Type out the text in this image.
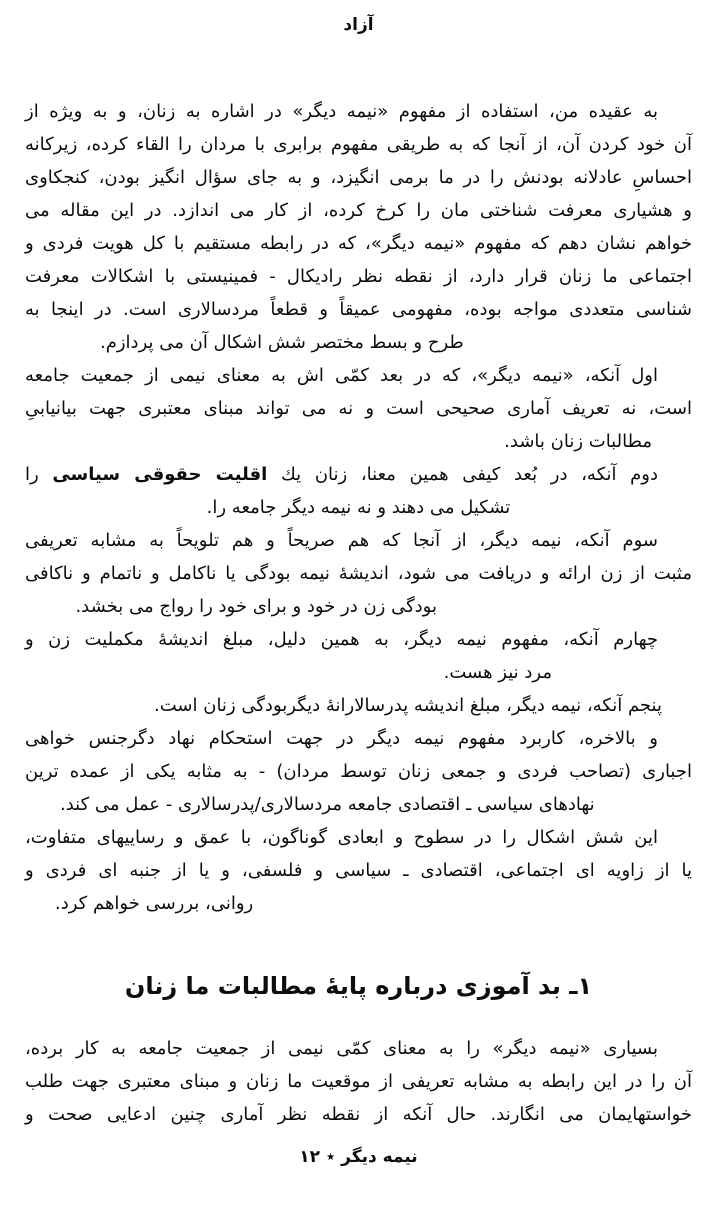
آزاد
به عقیده من، استفاده از مفهوم «نیمه دیگر» در اشاره به زنان، و به ویژه از
آن خود کردن آن، از آنجا که به طریقی مفهوم برابری با مردان را القاء کرده، زیرکانه
احساسِ عادلانه بودنش را در ما برمی انگیزد، و به جای سؤال انگیز بودن، کنجکاوی
و هشیاری معرفت شناختی مان را کرخ کرده، از کار می اندازد. در این مقاله می
خواهم نشان دهم که مفهوم «نیمه دیگر»، که در رابطه مستقیم با کل هویت فردی و
اجتماعی ما زنان قرار دارد، از نقطه نظر رادیکال - فمینیستی با اشکالات معرفت
شناسی متعددی مواجه بوده، مفهومی عمیقاً و قطعاً مردسالاری است. در اینجا به
طرح و بسط مختصر شش اشکال آن می پردازم.
اول آنکه، «نیمه دیگر»، که در بعد کمّی اش به معنای نیمی از جمعیت جامعه
است، نه تعریف آماری صحیحی است و نه می تواند مبنای معتبری جهت بیانیابیِ
مطالبات زنان باشد.
دوم آنکه، در بُعد کیفی همین معنا، زنان یك اقلیت حقوقی سیاسی را
تشکیل می دهند و نه نیمه دیگر جامعه را.
سوم آنکه، نیمه دیگر، از آنجا که هم صریحاً و هم تلویحاً به مشابه تعریفی
مثبت از زن ارائه و دریافت می شود، اندیشۀ نیمه بودگی یا ناکامل و ناتمام و ناکافی
بودگی زن در خود و برای خود را رواج می بخشد.
چهارم آنکه، مفهوم نیمه دیگر، به همین دلیل، مبلغ اندیشۀ مکملیت زن و
مرد نیز هست.
پنجم آنکه، نیمه دیگر، مبلغ اندیشه پدرسالارانۀ دیگربودگی زنان است.
و بالاخره، کاربرد مفهوم نیمه دیگر در جهت استحکام نهاد دگرجنس خواهی
اجباری (تصاحب فردی و جمعی زنان توسط مردان) - به مثابه یکی از عمده ترین
نهادهای سیاسی ـ اقتصادی جامعه مردسالاری/پدرسالاری - عمل می کند.
این شش اشکال را در سطوح و ابعادی گوناگون، با عمق و رساییهای متفاوت،
یا از زاویه ای اجتماعی، اقتصادی ـ سیاسی و فلسفی، و یا از جنبه ای فردی و
روانی، بررسی خواهم کرد.
۱ـ بد آموزی درباره پایۀ مطالبات ما زنان
بسیاری «نیمه دیگر» را به معنای کمّی نیمی از جمعیت جامعه به کار برده،
آن را در این رابطه به مشابه تعریفی از موقعیت ما زنان و مبنای معتبری جهت طلب
خواستهایمان می انگارند. حال آنکه از نقطه نظر آماری چنین ادعایی صحت و
نیمه دیگر ٭ ۱۲
